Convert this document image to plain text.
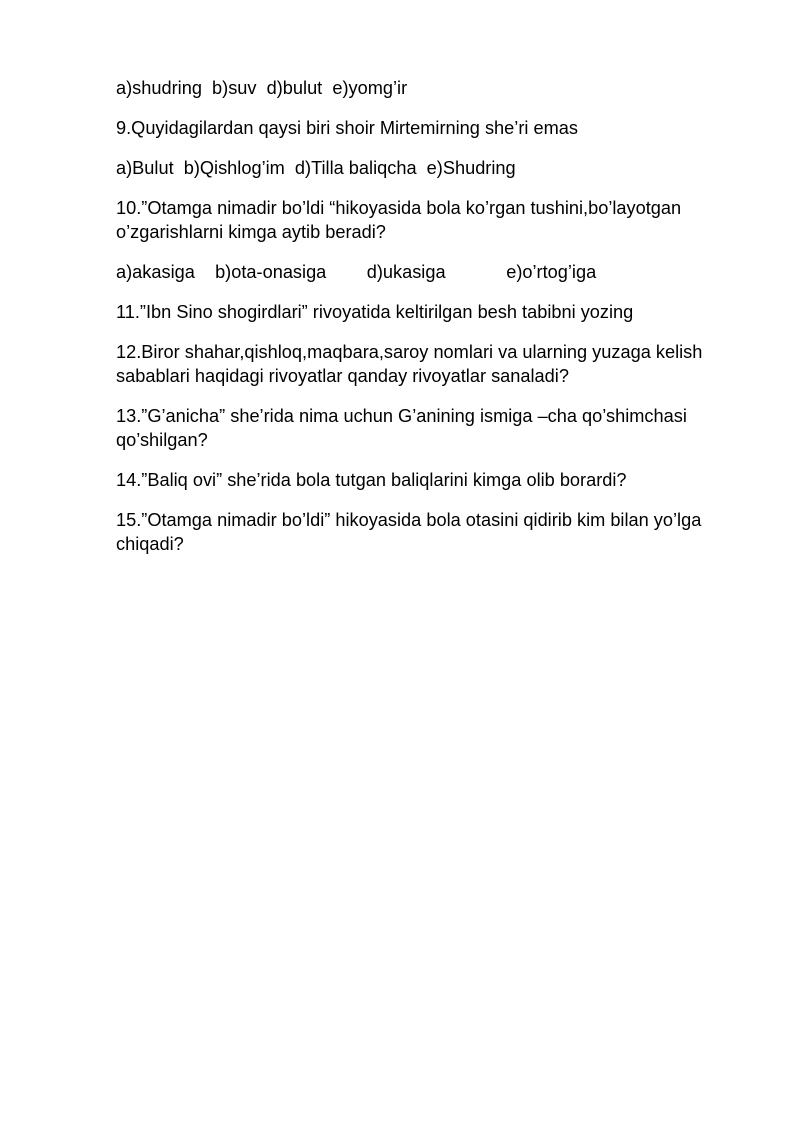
a)shudring  b)suv  d)bulut  e)yomg’ir

9.Quyidagilardan qaysi biri shoir Mirtemirning she’ri emas

a)Bulut  b)Qishlog’im  d)Tilla baliqcha  e)Shudring

10.”Otamga nimadir bo’ldi “hikoyasida bola ko’rgan tushini,bo’layotgan o’zgarishlarni kimga aytib beradi?

a)akasiga    b)ota-onasiga        d)ukasiga            e)o’rtog’iga

11.”Ibn Sino shogirdlari” rivoyatida keltirilgan besh tabibni yozing

12.Biror shahar,qishloq,maqbara,saroy nomlari va ularning yuzaga kelish sabablari haqidagi rivoyatlar qanday rivoyatlar sanaladi?

13.”G’anicha” she’rida nima uchun G’anining ismiga –cha qo’shimchasi qo’shilgan?

14.”Baliq ovi” she’rida bola tutgan baliqlarini kimga olib borardi?

15.”Otamga nimadir bo’ldi” hikoyasida bola otasini qidirib kim bilan yo’lga chiqadi?
